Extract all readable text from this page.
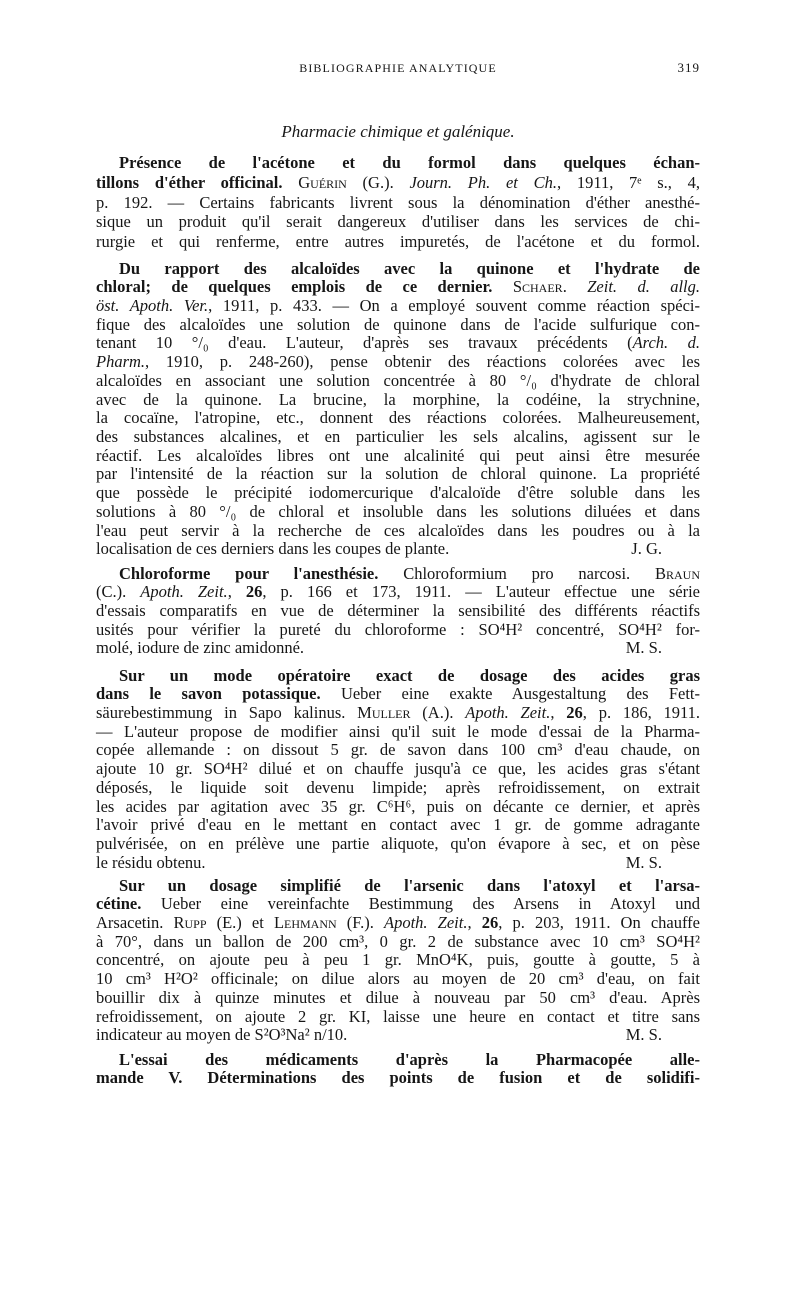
BIBLIOGRAPHIE ANALYTIQUE	319
Pharmacie chimique et galénique.
Présence de l'acétone et du formol dans quelques échan-
tillons d'éther officinal. Guérin (G.). Journ. Ph. et Ch., 1911, 7ᵉ s., 4,
p. 192. — Certains fabricants livrent sous la dénomination d'éther anesthé-
sique un produit qu'il serait dangereux d'utiliser dans les services de chi-
rurgie et qui renferme, entre autres impuretés, de l'acétone et du formol.
Du rapport des alcaloïdes avec la quinone et l'hydrate de
chloral; de quelques emplois de ce dernier. Schaer. Zeit. d. allg.
öst. Apoth. Ver., 1911, p. 433. — On a employé souvent comme réaction spéci-
fique des alcaloïdes une solution de quinone dans de l'acide sulfurique con-
tenant 10 °/₀ d'eau. L'auteur, d'après ses travaux précédents (Arch. d.
Pharm., 1910, p. 248-260), pense obtenir des réactions colorées avec les
alcaloïdes en associant une solution concentrée à 80 °/₀ d'hydrate de chloral
avec de la quinone. La brucine, la morphine, la codéine, la strychnine,
la cocaïne, l'atropine, etc., donnent des réactions colorées. Malheureusement,
des substances alcalines, et en particulier les sels alcalins, agissent sur le
réactif. Les alcaloïdes libres ont une alcalinité qui peut ainsi être mesurée
par l'intensité de la réaction sur la solution de chloral quinone. La propriété
que possède le précipité iodomercurique d'alcaloïde d'être soluble dans les
solutions à 80 °/₀ de chloral et insoluble dans les solutions diluées et dans
l'eau peut servir à la recherche de ces alcaloïdes dans les poudres ou à la
localisation de ces derniers dans les coupes de plante.	J. G.
Chloroforme pour l'anesthésie. Chloroformium pro narcosi. Braun
(C.). Apoth. Zeit., 26, p. 166 et 173, 1911. — L'auteur effectue une série
d'essais comparatifs en vue de déterminer la sensibilité des différents réactifs
usités pour vérifier la pureté du chloroforme : SO⁴H² concentré, SO⁴H² for-
molé, iodure de zinc amidonné.	M. S.
Sur un mode opératoire exact de dosage des acides gras
dans le savon potassique. Ueber eine exakte Ausgestaltung des Fett-
säurebestimmung in Sapo kalinus. Muller (A.). Apoth. Zeit., 26, p. 186, 1911.
— L'auteur propose de modifier ainsi qu'il suit le mode d'essai de la Pharma-
copée allemande : on dissout 5 gr. de savon dans 100 cm³ d'eau chaude, on
ajoute 10 gr. SO⁴H² dilué et on chauffe jusqu'à ce que, les acides gras s'étant
déposés, le liquide soit devenu limpide; après refroidissement, on extrait
les acides par agitation avec 35 gr. C⁶H⁶, puis on décante ce dernier, et après
l'avoir privé d'eau en le mettant en contact avec 1 gr. de gomme adragante
pulvérisée, on en prélève une partie aliquote, qu'on évapore à sec, et on pèse
le résidu obtenu.	M. S.
Sur un dosage simplifié de l'arsenic dans l'atoxyl et l'arsa-
cétine. Ueber eine vereinfachte Bestimmung des Arsens in Atoxyl und
Arsacetin. Rupp (E.) et Lehmann (F.). Apoth. Zeit., 26, p. 203, 1911. On chauffe
à 70°, dans un ballon de 200 cm³, 0 gr. 2 de substance avec 10 cm³ SO⁴H²
concentré, on ajoute peu à peu 1 gr. MnO⁴K, puis, goutte à goutte, 5 à
10 cm³ H²O² officinale; on dilue alors au moyen de 20 cm³ d'eau, on fait
bouillir dix à quinze minutes et dilue à nouveau par 50 cm³ d'eau. Après
refroidissement, on ajoute 2 gr. KI, laisse une heure en contact et titre sans
indicateur au moyen de S²O³Na² n/10.	M. S.
L'essai des médicaments d'après la Pharmacopée alle-
mande V. Déterminations des points de fusion et de solidifi-
